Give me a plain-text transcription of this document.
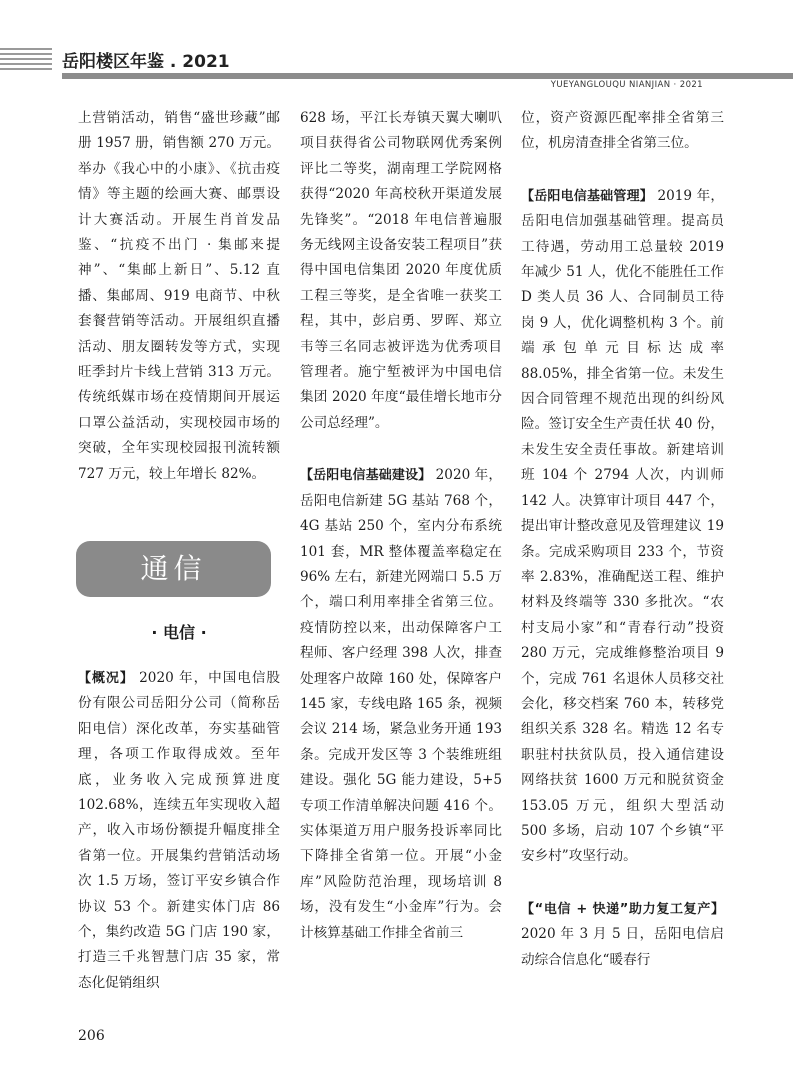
岳阳楼区年鉴 . 2021
YUEYANGLOUQU NIANJIAN · 2021

上营销活动，销售“盛世珍藏”邮册 1957 册，销售额 270 万元。举办《我心中的小康》、《抗击疫情》等主题的绘画大赛、邮票设计大赛活动。开展生肖首发品鉴、“抗疫不出门 · 集邮来提神”、“集邮上新日”、5.12 直播、集邮周、919 电商节、中秋套餐营销等活动。开展组织直播活动、朋友圈转发等方式，实现旺季封片卡线上营销 313 万元。传统纸媒市场在疫情期间开展运口罩公益活动，实现校园市场的突破，全年实现校园报刊流转额 727 万元，较上年增长 82%。

通信
· 电信 ·

【概况】 2020 年，中国电信股份有限公司岳阳分公司（简称岳阳电信）深化改革，夯实基础管理，各项工作取得成效。至年底，业务收入完成预算进度 102.68%，连续五年实现收入超产，收入市场份额提升幅度排全省第一位。开展集约营销活动场次 1.5 万场，签订平安乡镇合作协议 53 个。新建实体门店 86 个，集约改造 5G 门店 190 家，打造三千兆智慧门店 35 家，常态化促销组织

628 场，平江长寿镇天翼大喇叭项目获得省公司物联网优秀案例评比二等奖，湖南理工学院网格获得“2020 年高校秋开渠道发展先锋奖”。“2018 年电信普遍服务无线网主设备安装工程项目”获得中国电信集团 2020 年度优质工程三等奖，是全省唯一获奖工程，其中，彭启勇、罗晖、郑立韦等三名同志被评选为优秀项目管理者。施宁堑被评为中国电信集团 2020 年度“最佳增长地市分公司总经理”。

【岳阳电信基础建设】 2020 年，岳阳电信新建 5G 基站 768 个，4G 基站 250 个，室内分布系统 101 套，MR 整体覆盖率稳定在 96% 左右，新建光网端口 5.5 万个，端口利用率排全省第三位。疫情防控以来，出动保障客户工程师、客户经理 398 人次，排查处理客户故障 160 处，保障客户 145 家，专线电路 165 条，视频会议 214 场，紧急业务开通 193 条。完成开发区等 3 个装维班组建设。强化 5G 能力建设，5+5 专项工作清单解决问题 416 个。实体渠道万用户服务投诉率同比下降排全省第一位。开展“小金库”风险防范治理，现场培训 8 场，没有发生“小金库”行为。会计核算基础工作排全省前三

位，资产资源匹配率排全省第三位，机房清查排全省第三位。

【岳阳电信基础管理】 2019 年，岳阳电信加强基础管理。提高员工待遇，劳动用工总量较 2019 年减少 51 人，优化不能胜任工作 D 类人员 36 人、合同制员工待岗 9 人，优化调整机构 3 个。前端承包单元目标达成率 88.05%，排全省第一位。未发生因合同管理不规范出现的纠纷风险。签订安全生产责任状 40 份，未发生安全责任事故。新建培训班 104 个 2794 人次，内训师 142 人。决算审计项目 447 个，提出审计整改意见及管理建议 19 条。完成采购项目 233 个，节资率 2.83%，准确配送工程、维护材料及终端等 330 多批次。“农村支局小家”和“青春行动”投资 280 万元，完成维修整治项目 9 个，完成 761 名退休人员移交社会化，移交档案 760 本，转移党组织关系 328 名。精选 12 名专职驻村扶贫队员，投入通信建设网络扶贫 1600 万元和脱贫资金 153.05 万元，组织大型活动 500 多场，启动 107 个乡镇“平安乡村”攻坚行动。

【“电信 + 快递”助力复工复产】 2020 年 3 月 5 日，岳阳电信启动综合信息化“暖春行

206
